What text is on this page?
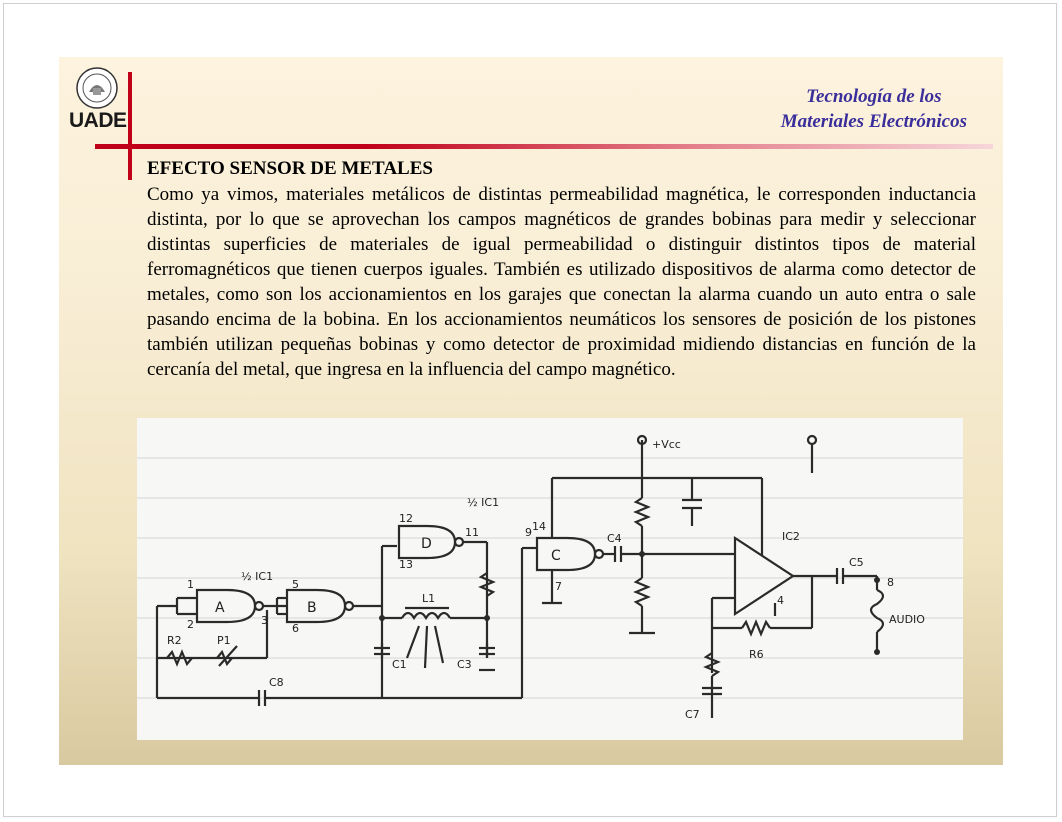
UADE
Tecnología de los
Materiales Electrónicos
EFECTO SENSOR DE METALES
Como ya vimos, materiales metálicos de distintas permeabilidad magnética, le corresponden inductancia distinta, por lo que se aprovechan los campos magnéticos de grandes bobinas para medir y seleccionar distintas superficies de materiales de igual permeabilidad o distinguir distintos tipos de material ferromagnéticos que tienen cuerpos iguales. También es utilizado dispositivos de alarma como detector de metales, como son los accionamientos en los garajes que conectan la alarma cuando un auto entra o sale pasando encima de la bobina. En los accionamientos neumáticos los sensores de posición de los pistones también utilizan pequeñas bobinas y como detector de proximidad midiendo distancias en función de la cercanía del metal, que ingresa en la influencia del campo magnético.
A	B
C
D
½ IC1
½ IC1
R2	P1
C8
C1	C3
L1
C4
C5
IC2
+Vcc
AUDIO
R6
C7
1
2	3
5
6
7	8
9
11
12
13
14
4
